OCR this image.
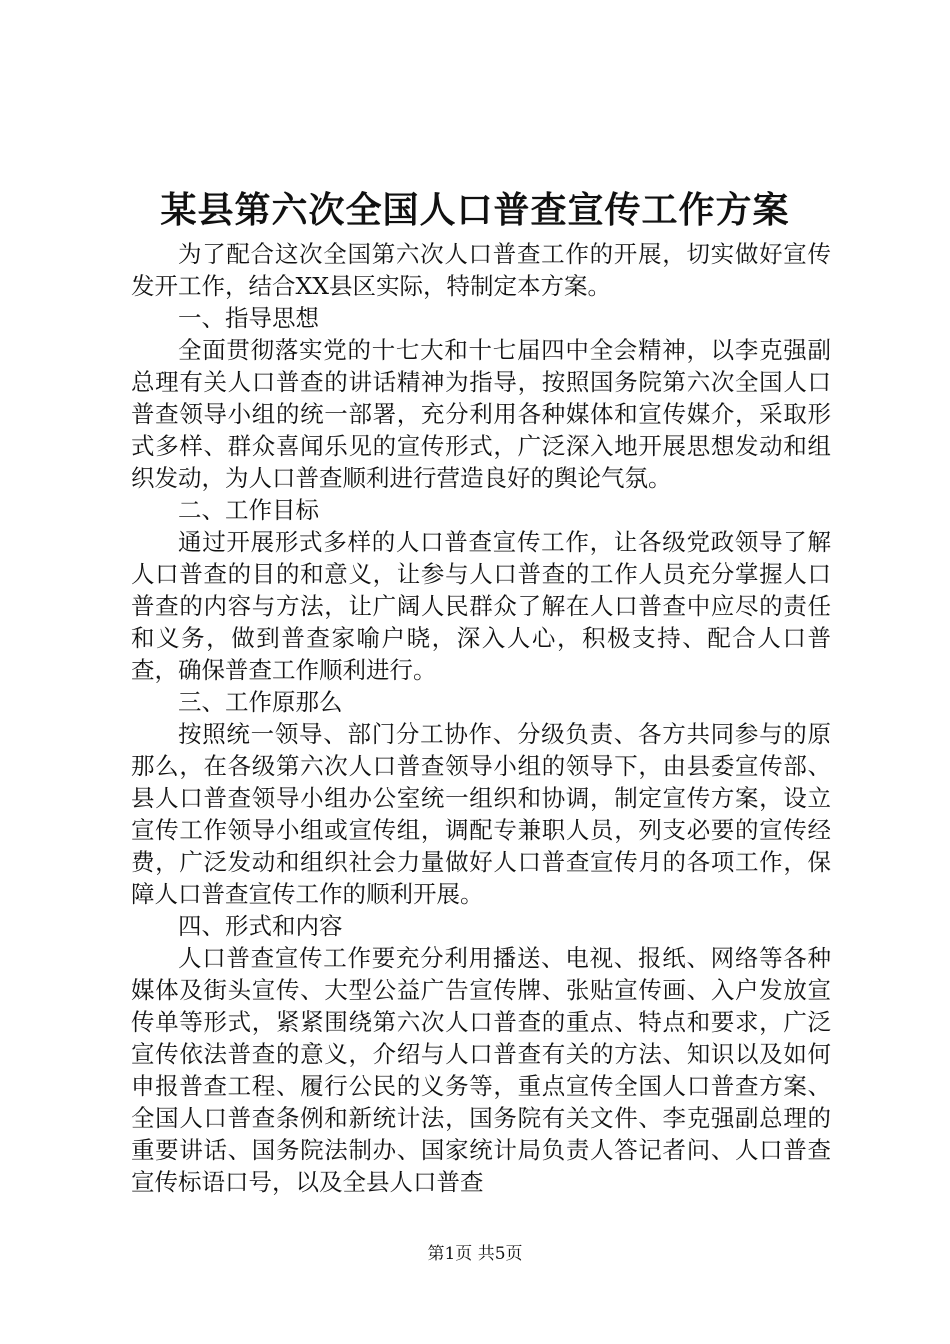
某县第六次全国人口普查宣传工作方案

为了配合这次全国第六次人口普查工作的开展，切实做好宣传发开工作，结合XX县区实际，特制定本方案。

一、指导思想

全面贯彻落实党的十七大和十七届四中全会精神，以李克强副总理有关人口普查的讲话精神为指导，按照国务院第六次全国人口普查领导小组的统一部署，充分利用各种媒体和宣传媒介，采取形式多样、群众喜闻乐见的宣传形式，广泛深入地开展思想发动和组织发动，为人口普查顺利进行营造良好的舆论气氛。

二、工作目标

通过开展形式多样的人口普查宣传工作，让各级党政领导了解人口普查的目的和意义，让参与人口普查的工作人员充分掌握人口普查的内容与方法，让广阔人民群众了解在人口普查中应尽的责任和义务，做到普查家喻户晓，深入人心，积极支持、配合人口普查，确保普查工作顺利进行。

三、工作原那么

按照统一领导、部门分工协作、分级负责、各方共同参与的原那么，在各级第六次人口普查领导小组的领导下，由县委宣传部、县人口普查领导小组办公室统一组织和协调，制定宣传方案，设立宣传工作领导小组或宣传组，调配专兼职人员，列支必要的宣传经费，广泛发动和组织社会力量做好人口普查宣传月的各项工作，保障人口普查宣传工作的顺利开展。

四、形式和内容

人口普查宣传工作要充分利用播送、电视、报纸、网络等各种媒体及街头宣传、大型公益广告宣传牌、张贴宣传画、入户发放宣传单等形式，紧紧围绕第六次人口普查的重点、特点和要求，广泛宣传依法普查的意义，介绍与人口普查有关的方法、知识以及如何申报普查工程、履行公民的义务等，重点宣传全国人口普查方案、全国人口普查条例和新统计法，国务院有关文件、李克强副总理的重要讲话、国务院法制办、国家统计局负责人答记者问、人口普查宣传标语口号，以及全县人口普查

第1页 共5页
